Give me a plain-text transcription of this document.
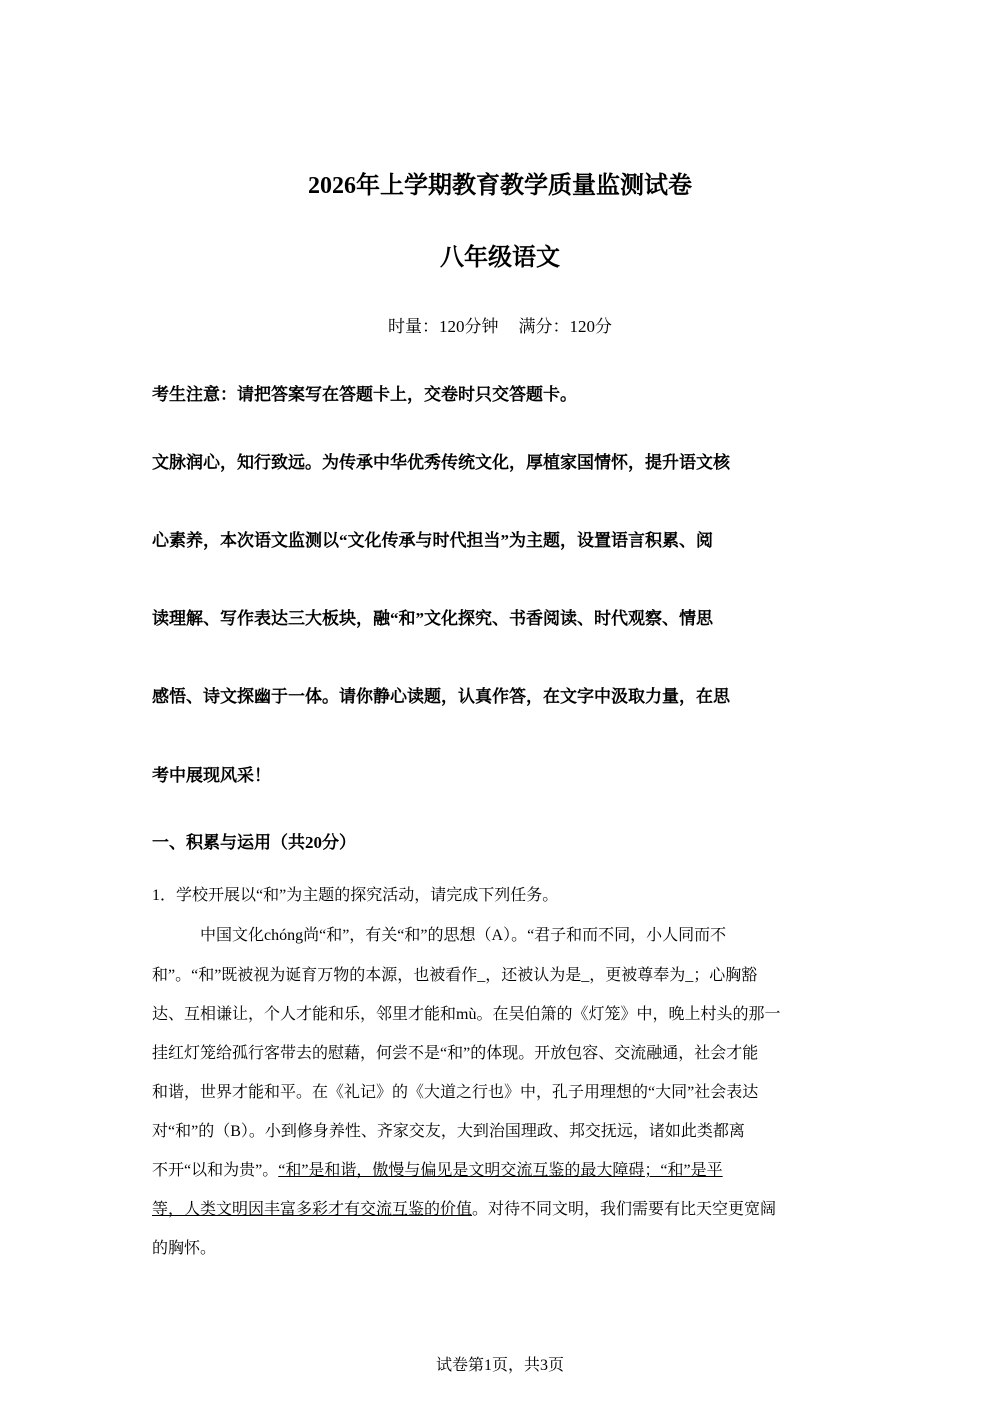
2026年上学期教育教学质量监测试卷
八年级语文
时量：120分钟 满分：120分
考生注意：请把答案写在答题卡上，交卷时只交答题卡。
文脉润心，知行致远。为传承中华优秀传统文化，厚植家国情怀，提升语文核
心素养，本次语文监测以“文化传承与时代担当”为主题，设置语言积累、阅
读理解、写作表达三大板块，融“和”文化探究、书香阅读、时代观察、情思
感悟、诗文探幽于一体。请你静心读题，认真作答，在文字中汲取力量，在思
考中展现风采！
一、积累与运用（共20分）
1．学校开展以“和”为主题的探究活动，请完成下列任务。
中国文化chóng尚“和”，有关“和”的思想（A）。“君子和而不同，小人同而不
和”。“和”既被视为诞育万物的本源，也被看作_，还被认为是_，更被尊奉为_；心胸豁
达、互相谦让，个人才能和乐，邻里才能和mù。在吴伯箫的《灯笼》中，晚上村头的那一
挂红灯笼给孤行客带去的慰藉，何尝不是“和”的体现。开放包容、交流融通，社会才能
和谐，世界才能和平。在《礼记》的《大道之行也》中，孔子用理想的“大同”社会表达
对“和”的（B）。小到修身养性、齐家交友，大到治国理政、邦交抚远，诸如此类都离
不开“以和为贵”。“和”是和谐，傲慢与偏见是文明交流互鉴的最大障碍；“和”是平
等，人类文明因丰富多彩才有交流互鉴的价值。对待不同文明，我们需要有比天空更宽阔
的胸怀。
试卷第1页，共3页
